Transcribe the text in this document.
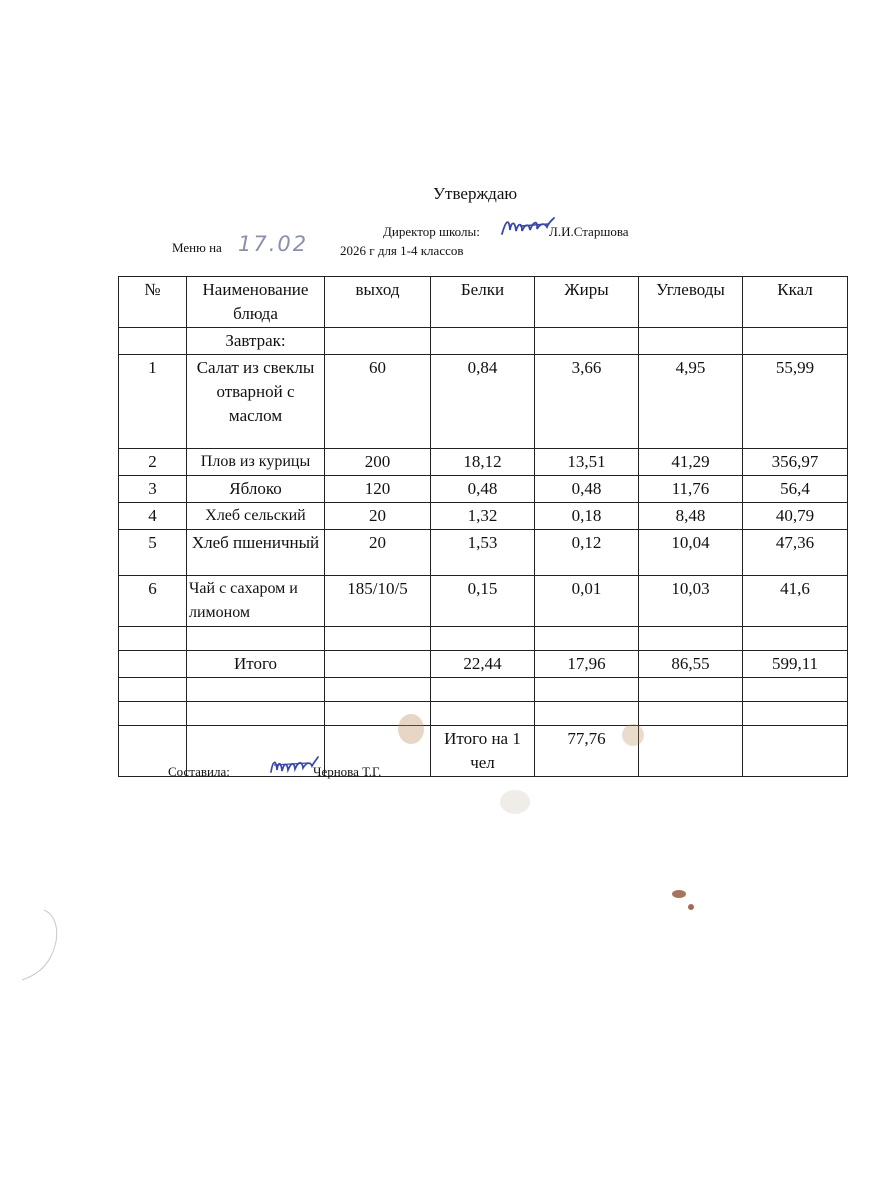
Утверждаю
Директор школы:	Л.И.Старшова
Меню на 17.02 2026 г для 1-4 классов
№	Наименование блюда	выход	Белки	Жиры	Углеводы	Ккал
	Завтрак:					
1	Салат из свеклы отварной с маслом	60	0,84	3,66	4,95	55,99
2	Плов из курицы	200	18,12	13,51	41,29	356,97
3	Яблоко	120	0,48	0,48	11,76	56,4
4	Хлеб сельский	20	1,32	0,18	8,48	40,79
5	Хлеб пшеничный	20	1,53	0,12	10,04	47,36
6	Чай с сахаром и лимоном	185/10/5	0,15	0,01	10,03	41,6

	Итого		22,44	17,96	86,55	599,11

			Итого на 1 чел	77,76		
Составила:	Чернова Т.Г.
